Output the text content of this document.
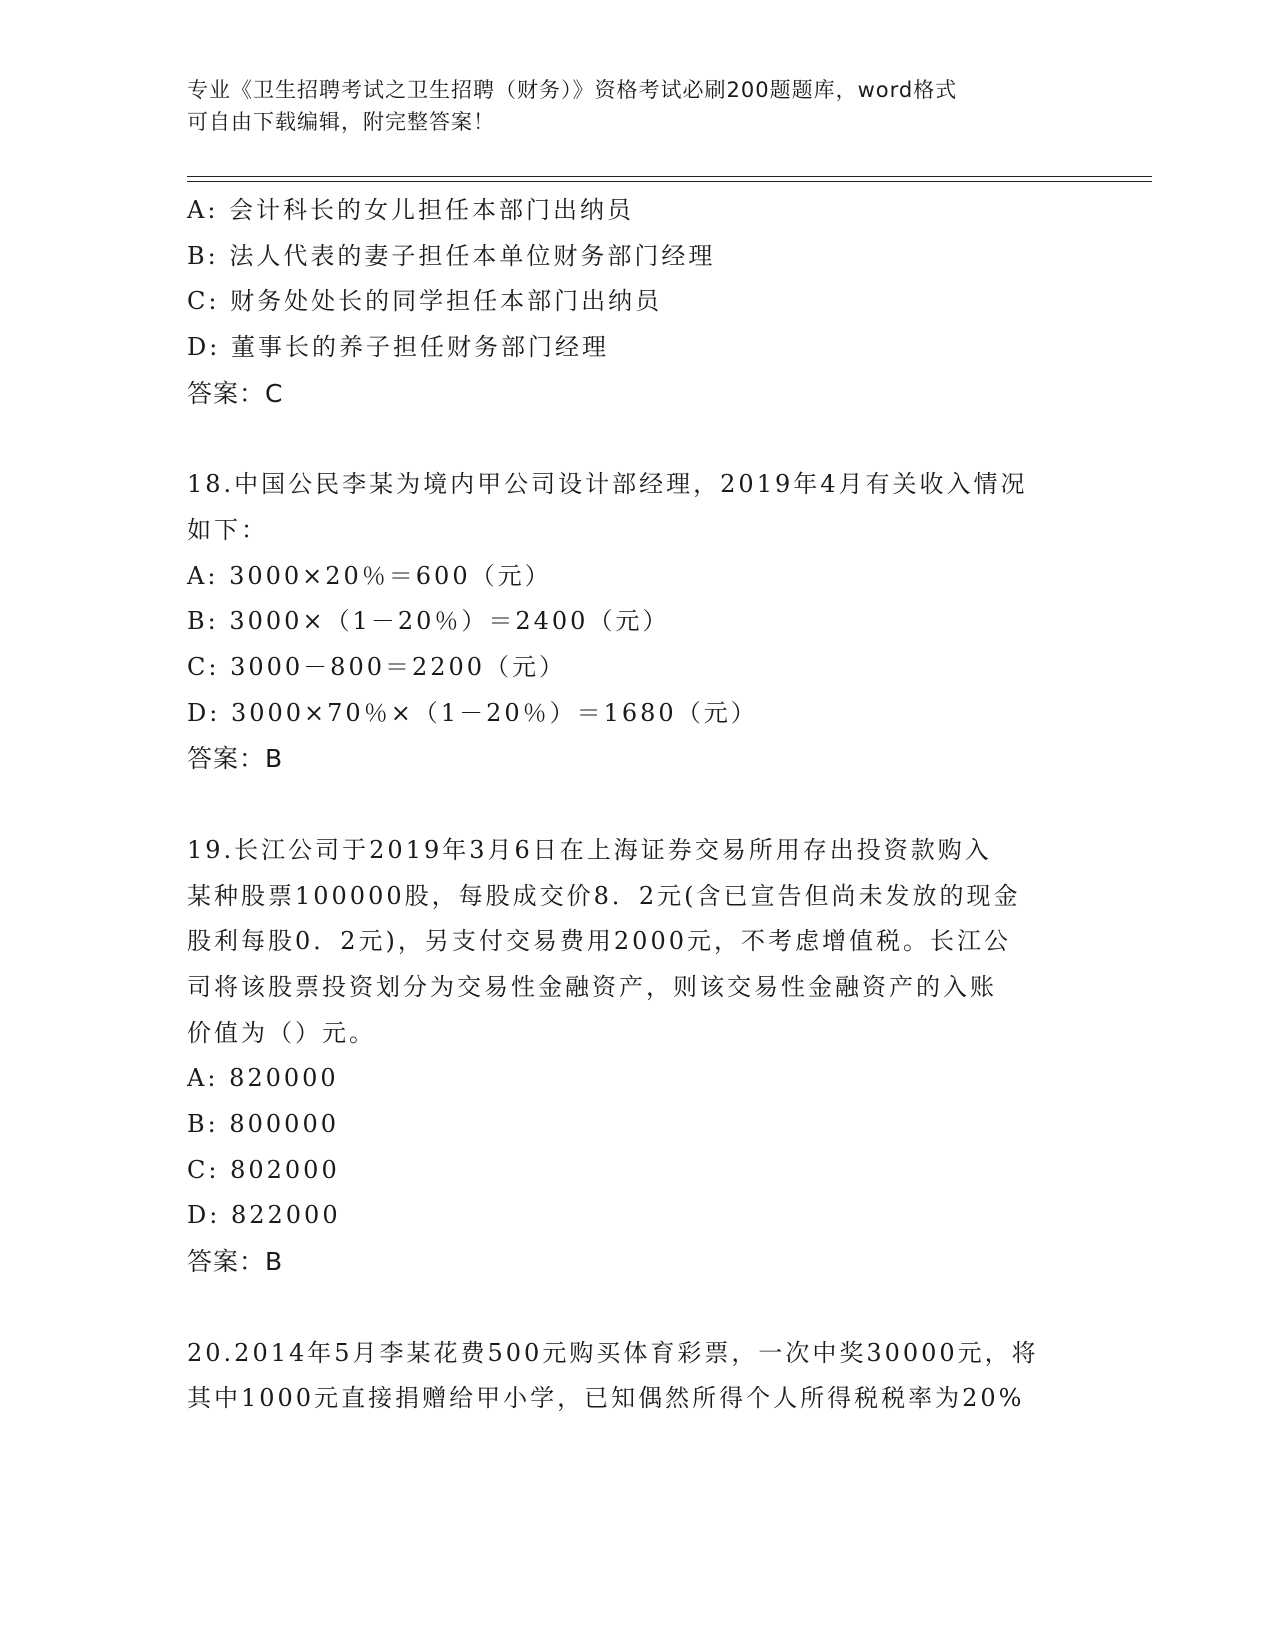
专业《卫生招聘考试之卫生招聘（财务）》资格考试必刷200题题库，word格式
可自由下载编辑，附完整答案！
A: 会计科长的女儿担任本部门出纳员
B: 法人代表的妻子担任本单位财务部门经理
C: 财务处处长的同学担任本部门出纳员
D: 董事长的养子担任财务部门经理
答案：C
18.中国公民李某为境内甲公司设计部经理，2019年4月有关收入情况
如下：
A: 3000×20％＝600（元）
B: 3000×（1－20％）＝2400（元）
C: 3000－800＝2200（元）
D: 3000×70％×（1－20％）＝1680（元）
答案：B
19.长江公司于2019年3月6日在上海证券交易所用存出投资款购入
某种股票100000股，每股成交价8．2元(含已宣告但尚未发放的现金
股利每股0．2元)，另支付交易费用2000元，不考虑增值税。长江公
司将该股票投资划分为交易性金融资产，则该交易性金融资产的入账
价值为（）元。
A: 820000
B: 800000
C: 802000
D: 822000
答案：B
20.2014年5月李某花费500元购买体育彩票，一次中奖30000元，将
其中1000元直接捐赠给甲小学，已知偶然所得个人所得税税率为20%
